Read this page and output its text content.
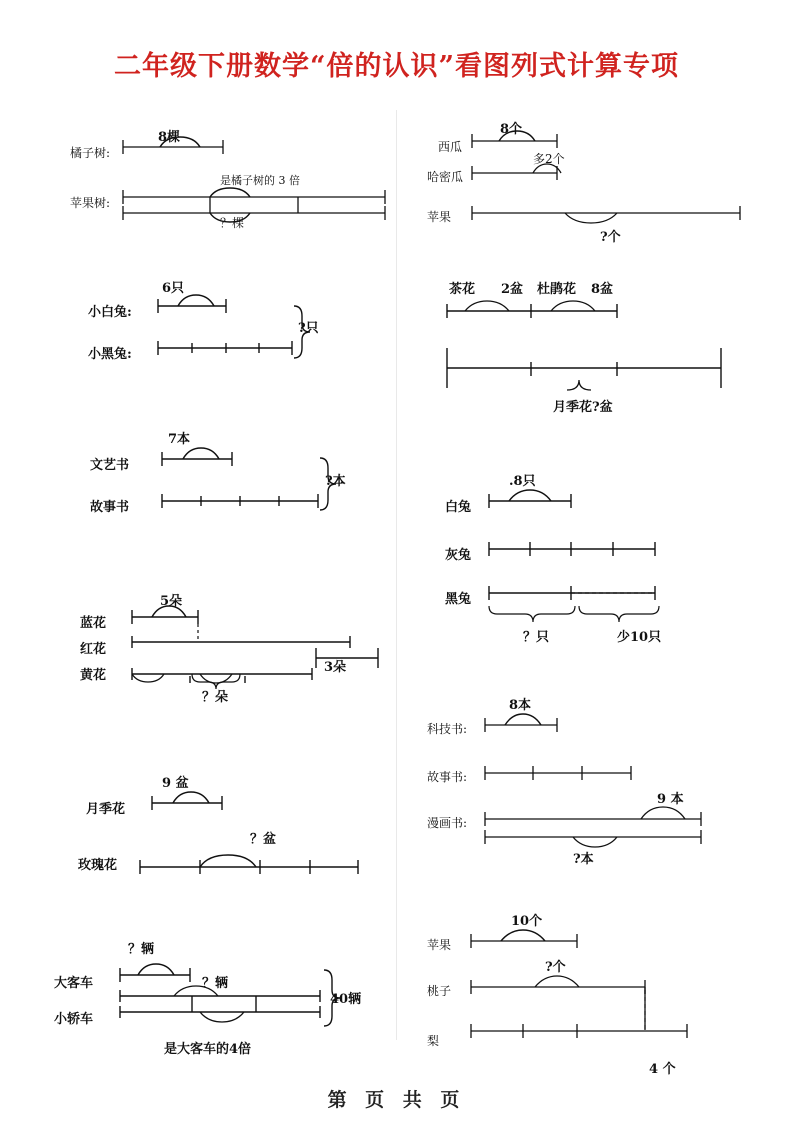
二年级下册数学“倍的认识”看图列式计算专项
橘子树:
8棵
苹果树:
是橘子树的 3 倍
？棵
小白兔:
6只
小黑兔:
?只
文艺书
7本
故事书
?本
蓝花
5朵
红花
黄花
3朵
？朵
月季花
9 盆
玫瑰花
？盆
大客车
？辆
小轿车
？辆
40辆
是大客车的4倍
西瓜
8个
哈密瓜
多2个
苹果
?个
茶花 2盆 杜鹃花 8盆
月季花?盆
白兔
.8只
灰兔
黑兔
？只	少10只
科技书:
8本
故事书:
漫画书:
9 本
?本
苹果
10个
桃子
?个
梨
4 个
第 页 共 页
